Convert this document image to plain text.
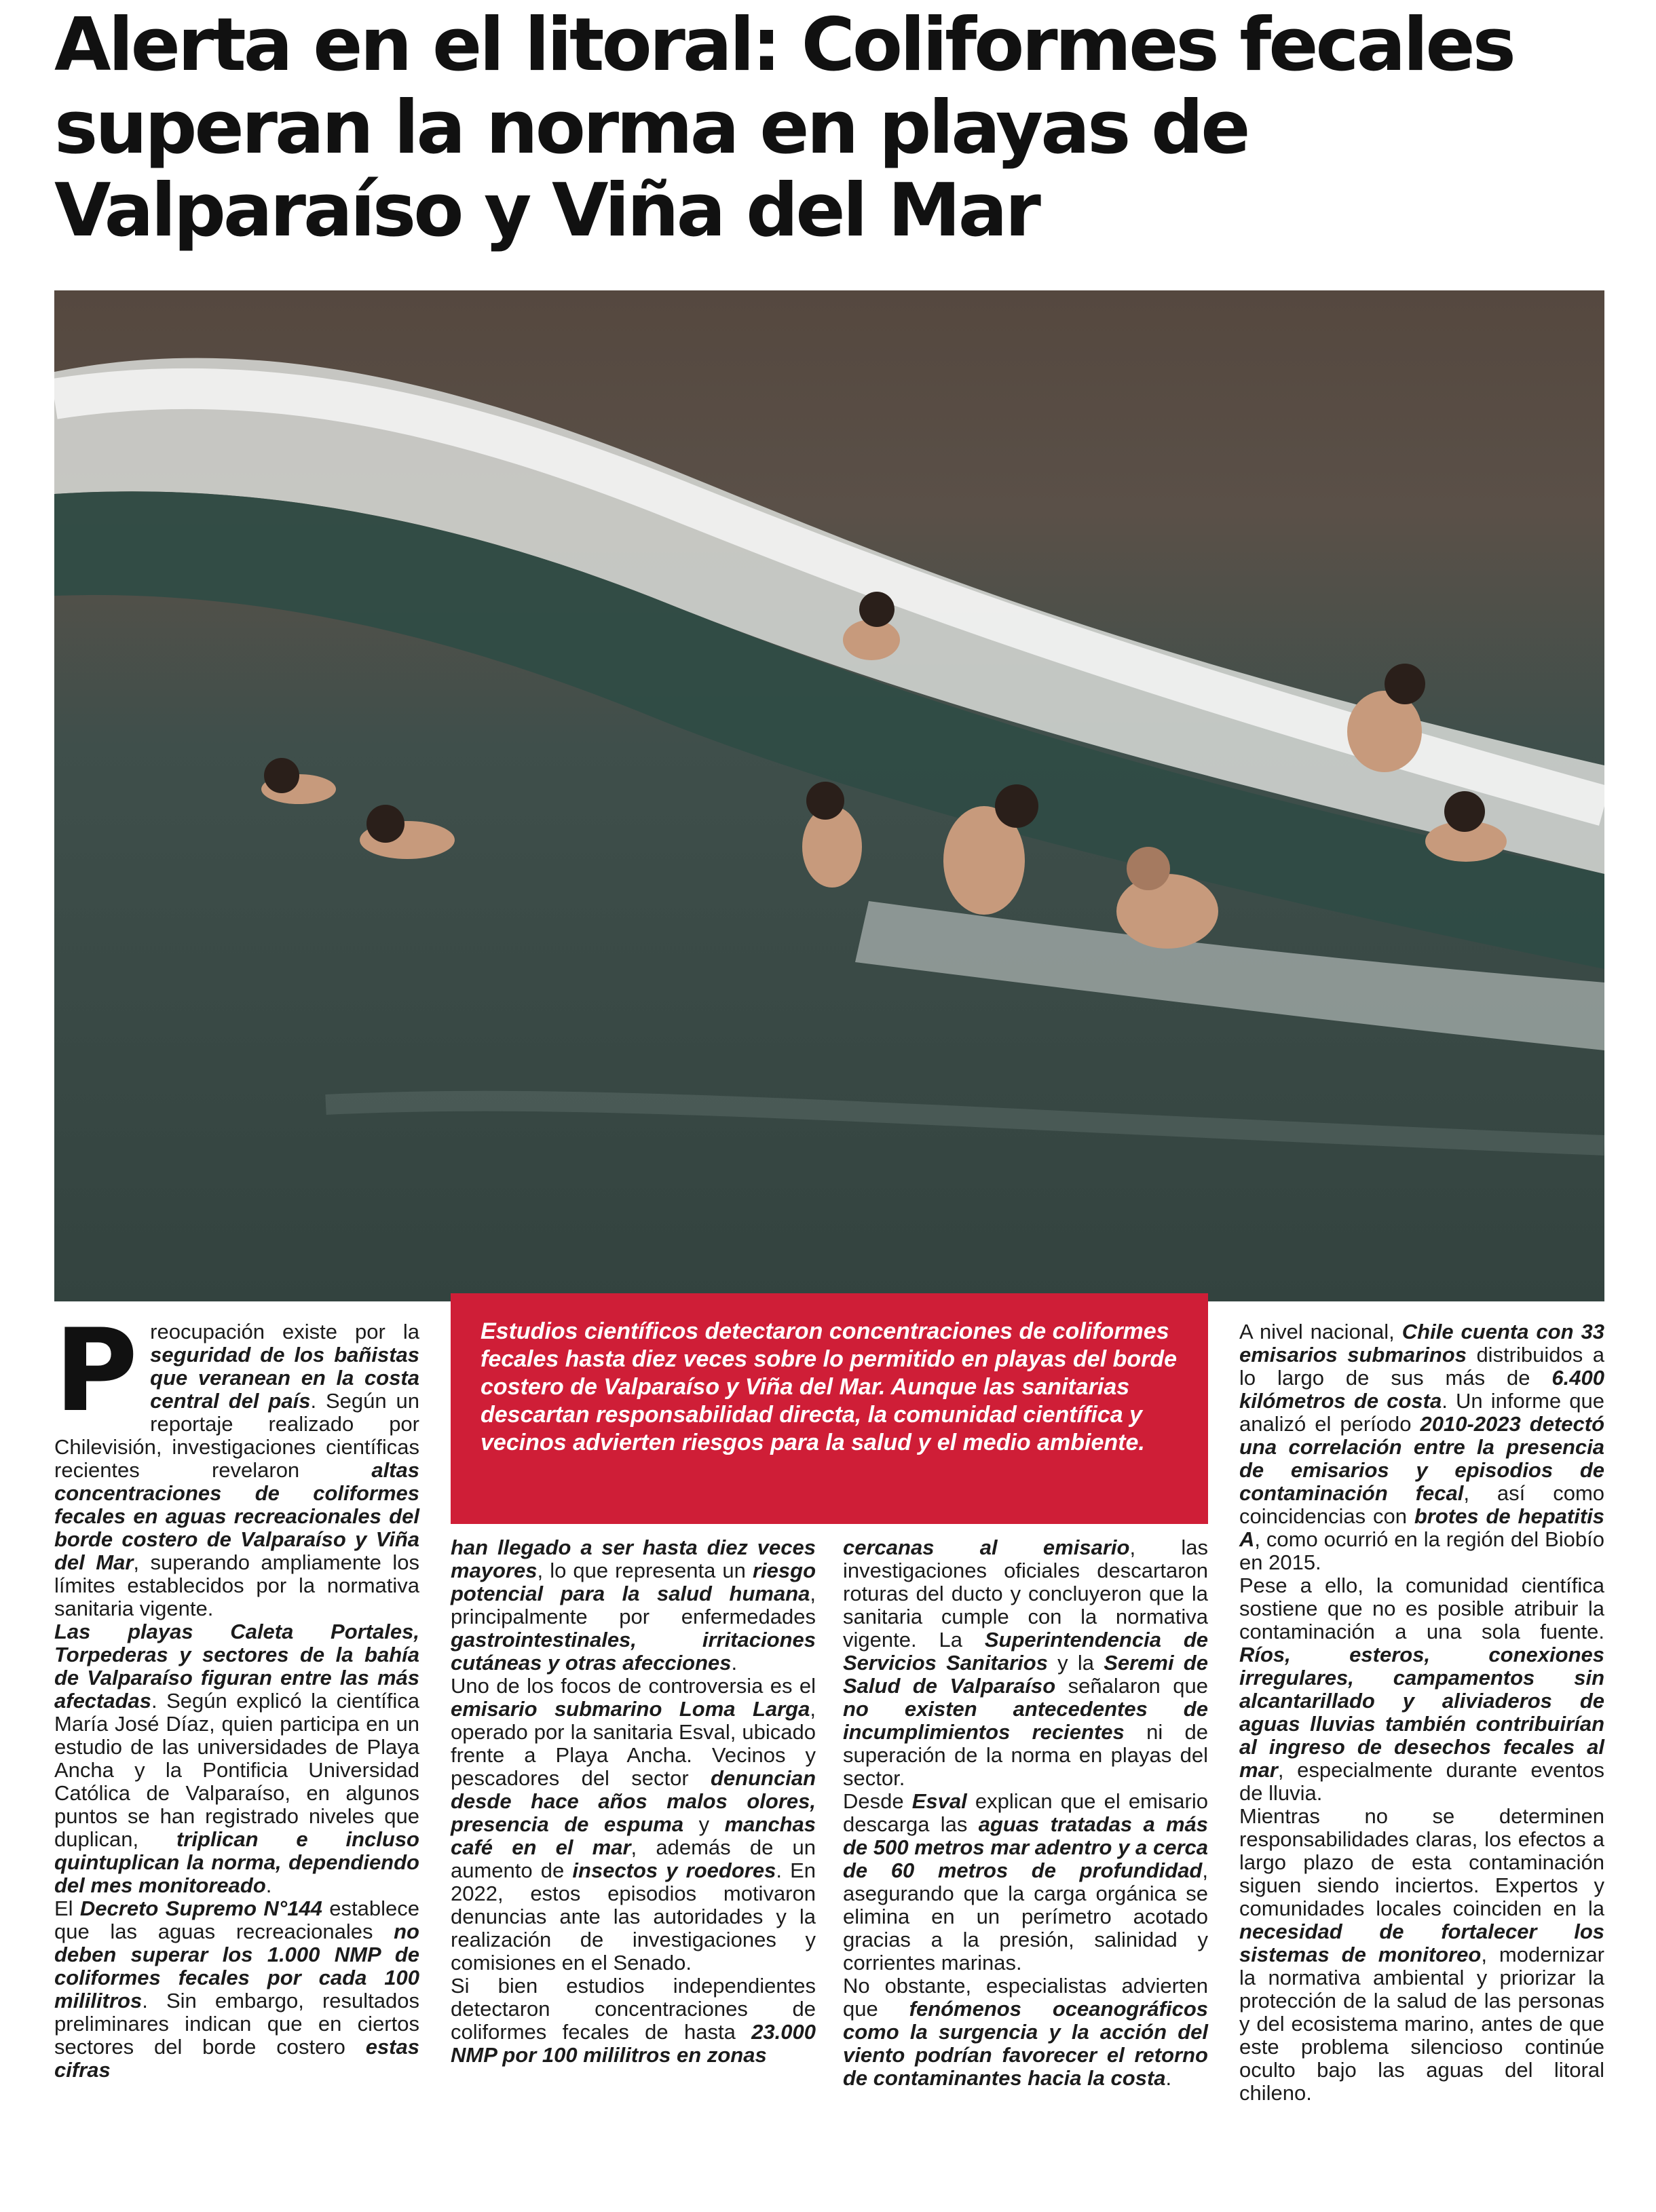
Alerta en el litoral: Coliformes fecales superan la norma en playas de Valparaíso y Viña del Mar
Estudios científicos detectaron concentraciones de coliformes fecales hasta diez veces sobre lo permitido en playas del borde costero de Valparaíso y Viña del Mar. Aunque las sanitarias descartan responsabilidad directa, la comunidad científica y vecinos advierten riesgos para la salud y el medio ambiente.
P reocupación existe por la seguridad de los bañistas que veranean en la costa central del país. Según un reportaje realizado por Chilevisión, investigaciones científicas recientes revelaron altas concentraciones de coliformes fecales en aguas recreacionales del borde costero de Valparaíso y Viña del Mar, superando ampliamente los límites establecidos por la normativa sanitaria vigente.

Las playas Caleta Portales, Torpederas y sectores de la bahía de Valparaíso figuran entre las más afectadas. Según explicó la científica María José Díaz, quien participa en un estudio de las universidades de Playa Ancha y la Pontificia Universidad Católica de Valparaíso, en algunos puntos se han registrado niveles que duplican, triplican e incluso quintuplican la norma, dependiendo del mes monitoreado.

El Decreto Supremo N°144 establece que las aguas recreacionales no deben superar los 1.000 NMP de coliformes fecales por cada 100 mililitros. Sin embargo, resultados preliminares indican que en ciertos sectores del borde costero estas cifras

han llegado a ser hasta diez veces mayores, lo que representa un riesgo potencial para la salud humana, principalmente por enfermedades gastrointestinales, irritaciones cutáneas y otras afecciones.

Uno de los focos de controversia es el emisario submarino Loma Larga, operado por la sanitaria Esval, ubicado frente a Playa Ancha. Vecinos y pescadores del sector denuncian desde hace años malos olores, presencia de espuma y manchas café en el mar, además de un aumento de insectos y roedores. En 2022, estos episodios motivaron denuncias ante las autoridades y la realización de investigaciones y comisiones en el Senado.

Si bien estudios independientes detectaron concentraciones de coliformes fecales de hasta 23.000 NMP por 100 mililitros en zonas

cercanas al emisario, las investigaciones oficiales descartaron roturas del ducto y concluyeron que la sanitaria cumple con la normativa vigente. La Superintendencia de Servicios Sanitarios y la Seremi de Salud de Valparaíso señalaron que no existen antecedentes de incumplimientos recientes ni de superación de la norma en playas del sector.

Desde Esval explican que el emisario descarga las aguas tratadas a más de 500 metros mar adentro y a cerca de 60 metros de profundidad, asegurando que la carga orgánica se elimina en un perímetro acotado gracias a la presión, salinidad y corrientes marinas.

No obstante, especialistas advierten que fenómenos oceanográficos como la surgencia y la acción del viento podrían favorecer el retorno de contaminantes hacia la costa.

A nivel nacional, Chile cuenta con 33 emisarios submarinos distribuidos a lo largo de sus más de 6.400 kilómetros de costa. Un informe que analizó el período 2010-2023 detectó una correlación entre la presencia de emisarios y episodios de contaminación fecal, así como coincidencias con brotes de hepatitis A, como ocurrió en la región del Biobío en 2015.

Pese a ello, la comunidad científica sostiene que no es posible atribuir la contaminación a una sola fuente. Ríos, esteros, conexiones irregulares, campamentos sin alcantarillado y aliviaderos de aguas lluvias también contribuirían al ingreso de desechos fecales al mar, especialmente durante eventos de lluvia.

Mientras no se determinen responsabilidades claras, los efectos a largo plazo de esta contaminación siguen siendo inciertos. Expertos y comunidades locales coinciden en la necesidad de fortalecer los sistemas de monitoreo, modernizar la normativa ambiental y priorizar la protección de la salud de las personas y del ecosistema marino, antes de que este problema silencioso continúe oculto bajo las aguas del litoral chileno.
